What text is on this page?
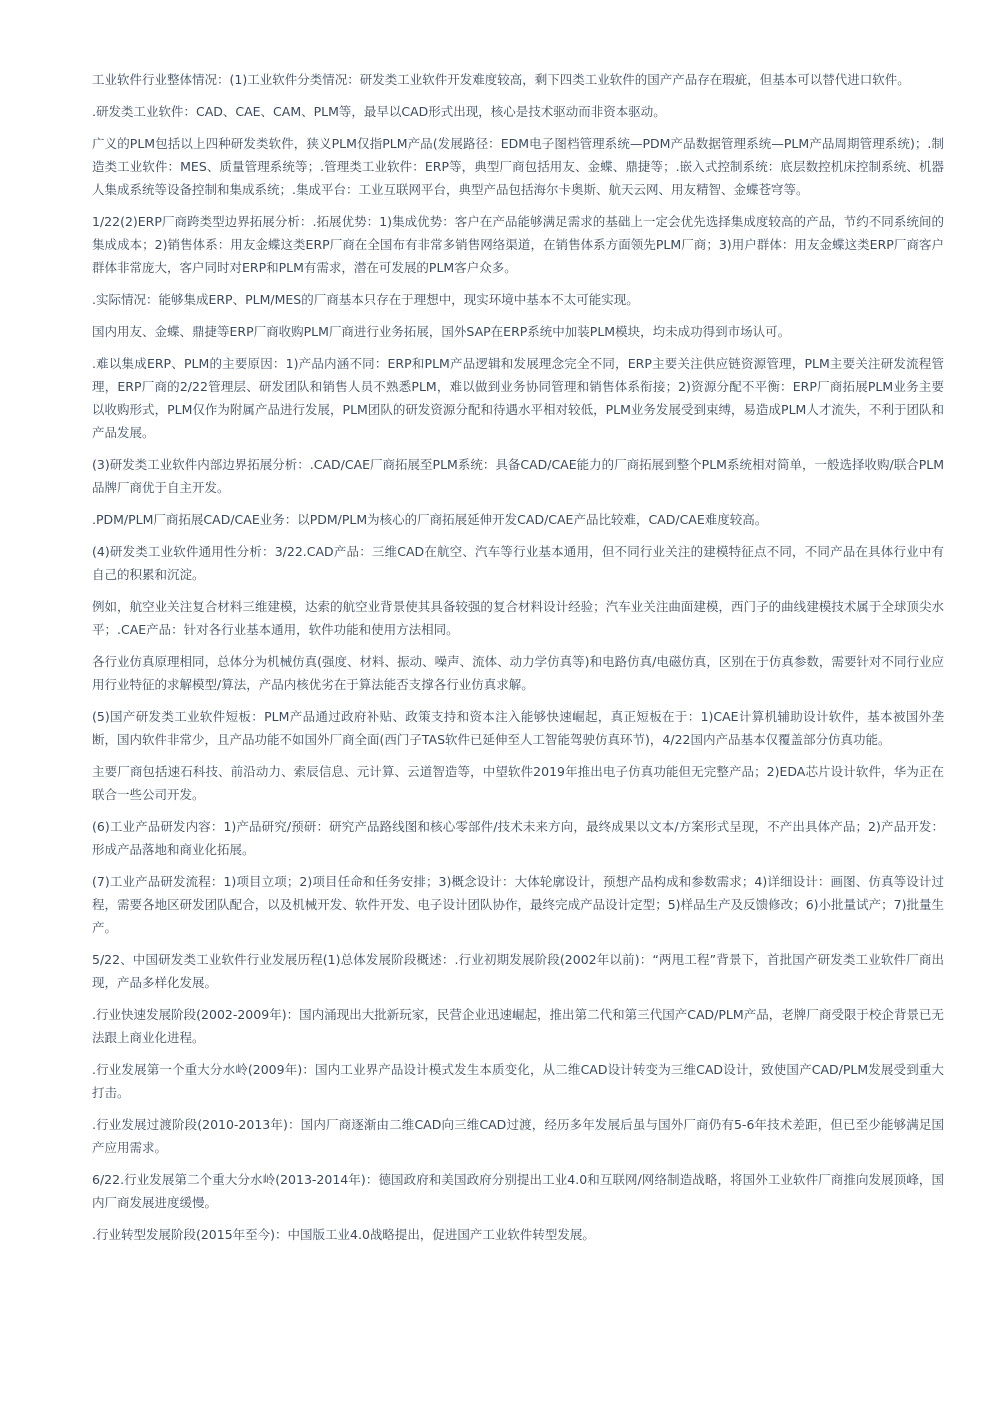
工业软件行业整体情况：(1)工业软件分类情况：研发类工业软件开发难度较高，剩下四类工业软件的国产产品存在瑕疵，但基本可以替代进口软件。

.研发类工业软件：CAD、CAE、CAM、PLM等，最早以CAD形式出现，核心是技术驱动而非资本驱动。

广义的PLM包括以上四种研发类软件，狭义PLM仅指PLM产品(发展路径：EDM电子图档管理系统—PDM产品数据管理系统—PLM产品周期管理系统)；.制造类工业软件：MES、质量管理系统等；.管理类工业软件：ERP等，典型厂商包括用友、金蝶、鼎捷等；.嵌入式控制系统：底层数控机床控制系统、机器人集成系统等设备控制和集成系统；.集成平台：工业互联网平台，典型产品包括海尔卡奥斯、航天云网、用友精智、金蝶苍穹等。

1/22(2)ERP厂商跨类型边界拓展分析：.拓展优势：1)集成优势：客户在产品能够满足需求的基础上一定会优先选择集成度较高的产品，节约不同系统间的集成成本；2)销售体系：用友金蝶这类ERP厂商在全国布有非常多销售网络渠道，在销售体系方面领先PLM厂商；3)用户群体：用友金蝶这类ERP厂商客户群体非常庞大，客户同时对ERP和PLM有需求，潜在可发展的PLM客户众多。

.实际情况：能够集成ERP、PLM/MES的厂商基本只存在于理想中，现实环境中基本不太可能实现。

国内用友、金蝶、鼎捷等ERP厂商收购PLM厂商进行业务拓展，国外SAP在ERP系统中加装PLM模块，均未成功得到市场认可。

.难以集成ERP、PLM的主要原因：1)产品内涵不同：ERP和PLM产品逻辑和发展理念完全不同，ERP主要关注供应链资源管理，PLM主要关注研发流程管理，ERP厂商的2/22管理层、研发团队和销售人员不熟悉PLM，难以做到业务协同管理和销售体系衔接；2)资源分配不平衡：ERP厂商拓展PLM业务主要以收购形式，PLM仅作为附属产品进行发展，PLM团队的研发资源分配和待遇水平相对较低，PLM业务发展受到束缚，易造成PLM人才流失，不利于团队和产品发展。

(3)研发类工业软件内部边界拓展分析：.CAD/CAE厂商拓展至PLM系统：具备CAD/CAE能力的厂商拓展到整个PLM系统相对简单，一般选择收购/联合PLM品牌厂商优于自主开发。

.PDM/PLM厂商拓展CAD/CAE业务：以PDM/PLM为核心的厂商拓展延伸开发CAD/CAE产品比较难，CAD/CAE难度较高。

(4)研发类工业软件通用性分析：3/22.CAD产品：三维CAD在航空、汽车等行业基本通用，但不同行业关注的建模特征点不同，不同产品在具体行业中有自己的积累和沉淀。

例如，航空业关注复合材料三维建模，达索的航空业背景使其具备较强的复合材料设计经验；汽车业关注曲面建模，西门子的曲线建模技术属于全球顶尖水平；.CAE产品：针对各行业基本通用，软件功能和使用方法相同。

各行业仿真原理相同，总体分为机械仿真(强度、材料、振动、噪声、流体、动力学仿真等)和电路仿真/电磁仿真，区别在于仿真参数，需要针对不同行业应用行业特征的求解模型/算法，产品内核优劣在于算法能否支撑各行业仿真求解。

(5)国产研发类工业软件短板：PLM产品通过政府补贴、政策支持和资本注入能够快速崛起，真正短板在于：1)CAE计算机辅助设计软件，基本被国外垄断，国内软件非常少，且产品功能不如国外厂商全面(西门子TAS软件已延伸至人工智能驾驶仿真环节)，4/22国内产品基本仅覆盖部分仿真功能。

主要厂商包括速石科技、前沿动力、索辰信息、元计算、云道智造等，中望软件2019年推出电子仿真功能但无完整产品；2)EDA芯片设计软件，华为正在联合一些公司开发。

(6)工业产品研发内容：1)产品研究/预研：研究产品路线图和核心零部件/技术未来方向，最终成果以文本/方案形式呈现，不产出具体产品；2)产品开发：形成产品落地和商业化拓展。

(7)工业产品研发流程：1)项目立项；2)项目任命和任务安排；3)概念设计：大体轮廓设计，预想产品构成和参数需求；4)详细设计：画图、仿真等设计过程，需要各地区研发团队配合，以及机械开发、软件开发、电子设计团队协作，最终完成产品设计定型；5)样品生产及反馈修改；6)小批量试产；7)批量生产。

5/22、中国研发类工业软件行业发展历程(1)总体发展阶段概述：.行业初期发展阶段(2002年以前)：“两甩工程”背景下，首批国产研发类工业软件厂商出现，产品多样化发展。

.行业快速发展阶段(2002-2009年)：国内涌现出大批新玩家，民营企业迅速崛起，推出第二代和第三代国产CAD/PLM产品，老牌厂商受限于校企背景已无法跟上商业化进程。

.行业发展第一个重大分水岭(2009年)：国内工业界产品设计模式发生本质变化，从二维CAD设计转变为三维CAD设计，致使国产CAD/PLM发展受到重大打击。

.行业发展过渡阶段(2010-2013年)：国内厂商逐渐由二维CAD向三维CAD过渡，经历多年发展后虽与国外厂商仍有5-6年技术差距，但已至少能够满足国产应用需求。

6/22.行业发展第二个重大分水岭(2013-2014年)：德国政府和美国政府分别提出工业4.0和互联网/网络制造战略，将国外工业软件厂商推向发展顶峰，国内厂商发展进度缓慢。

.行业转型发展阶段(2015年至今)：中国版工业4.0战略提出，促进国产工业软件转型发展。
